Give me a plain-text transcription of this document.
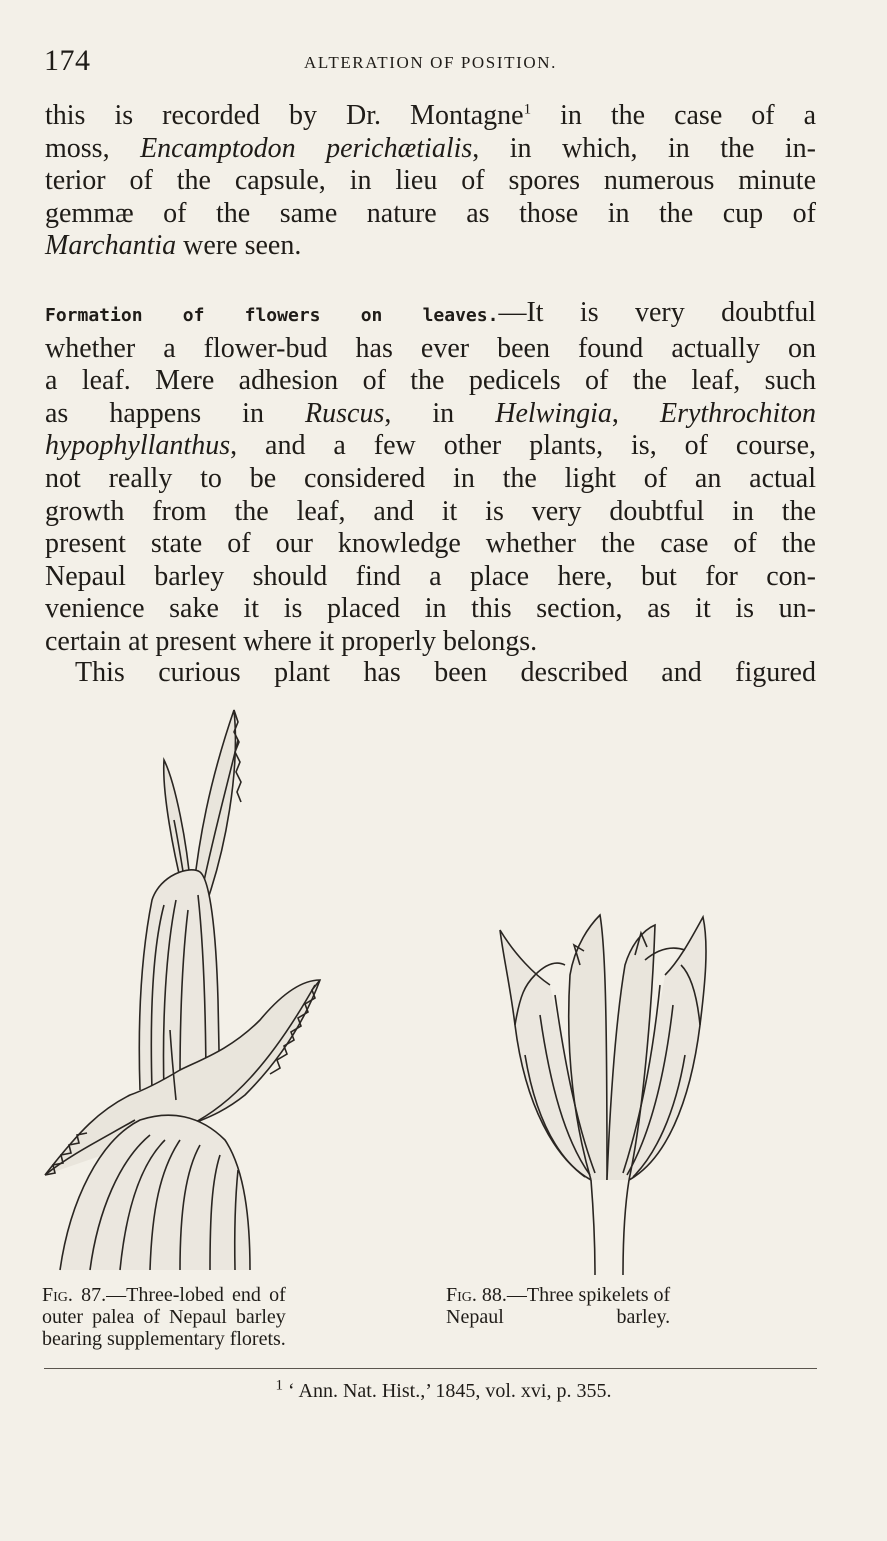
174	ALTERATION OF POSITION.
this is recorded by Dr. Montagne$^1$ in the case of a
moss, Encamptodon perichætialis, in which, in the in-
terior of the capsule, in lieu of spores numerous minute
gemmæ of the same nature as those in the cup of
Marchantia were seen.
Formation of flowers on leaves.—It is very doubtful
whether a flower-bud has ever been found actually on
a leaf. Mere adhesion of the pedicels of the leaf, such
as happens in Ruscus, in Helwingia, Erythrochiton
hypophyllanthus, and a few other plants, is, of course,
not really to be considered in the light of an actual
growth from the leaf, and it is very doubtful in the
present state of our knowledge whether the case of the
Nepaul barley should find a place here, but for con-
venience sake it is placed in this section, as it is un-
certain at present where it properly belongs.
This curious plant has been described and figured
Fig. 87.—Three-lobed end of
outer palea of Nepaul barley
bearing supplementary florets.
Fig. 88.—Three spikelets of
Nepaul barley.
$^1$ ‘ Ann. Nat. Hist.,’ 1845, vol. xvi, p. 355.
